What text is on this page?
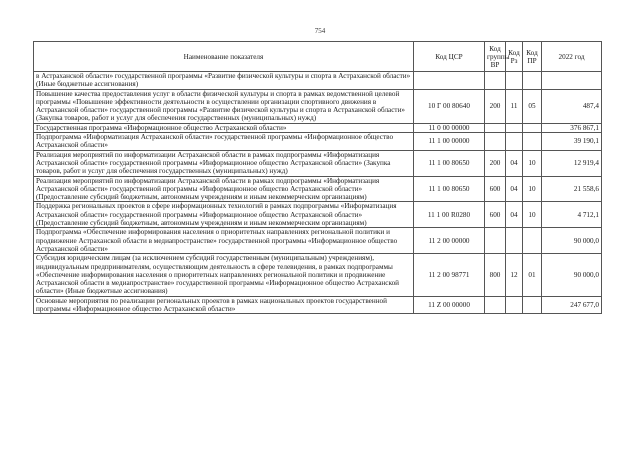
754
Наименование показателя	Код ЦСР	Код группы ВР	Код Рз	Код ПР	2022 год
в Астраханской области» государственной программы «Развитие физической культуры и спорта в Астраханской области» (Иные бюджетные ассигнования)					
Повышение качества предоставления услуг в области физической культуры и спорта в рамках ведомственной целевой программы «Повышение эффективности деятельности в осуществлении организации спортивного движения в Астраханской области» государственной программы «Развитие физической культуры и спорта в Астраханской области» (Закупка товаров, работ и услуг для обеспечения государственных (муниципальных) нужд)	10 Г 00 80640	200	11	05	487,4
Государственная программа «Информационное общество Астраханской области»	11 0 00 00000				376 867,1
Подпрограмма «Информатизация Астраханской области» государственной программы «Информационное общество Астраханской области»	11 1 00 00000				39 190,1
Реализация мероприятий по информатизации Астраханской области в рамках подпрограммы «Информатизация Астраханской области» государственной программы «Информационное общество Астраханской области» (Закупка товаров, работ и услуг для обеспечения государственных (муниципальных) нужд)	11 1 00 80650	200	04	10	12 919,4
Реализация мероприятий по информатизации Астраханской области в рамках подпрограммы «Информатизация Астраханской области» государственной программы «Информационное общество Астраханской области» (Предоставление субсидий бюджетным, автономным учреждениям и иным некоммерческим организациям)	11 1 00 80650	600	04	10	21 558,6
Поддержка региональных проектов в сфере информационных технологий в рамках подпрограммы «Информатизация Астраханской области» государственной программы «Информационное общество Астраханской области» (Предоставление субсидий бюджетным, автономным учреждениям и иным некоммерческим организациям)	11 1 00 R0280	600	04	10	4 712,1
Подпрограмма «Обеспечение информирования населения о приоритетных направлениях региональной политики и продвижение Астраханской области в медиапространстве» государственной программы «Информационное общество Астраханской области»	11 2 00 00000				90 000,0
Субсидия юридическим лицам (за исключением субсидий государственным (муниципальным) учреждениям), индивидуальным предпринимателям, осуществляющим деятельность в сфере телевидения, в рамках подпрограммы «Обеспечение информирования населения о приоритетных направлениях региональной политики и продвижение Астраханской области в медиапространстве» государственной программы «Информационное общество Астраханской области» (Иные бюджетные ассигнования)	11 2 00 98771	800	12	01	90 000,0
Основные мероприятия по реализации региональных проектов в рамках национальных проектов государственной программы «Информационное общество Астраханской области»	11 Z 00 00000				247 677,0
